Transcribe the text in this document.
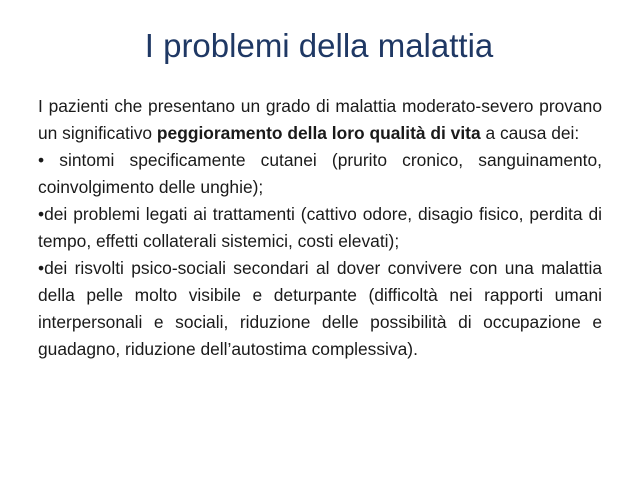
I problemi della malattia

I pazienti che presentano un grado di malattia moderato-severo provano un significativo peggioramento della loro qualità di vita a causa dei:

• sintomi specificamente cutanei (prurito cronico, sanguinamento, coinvolgimento delle unghie);

•dei problemi legati ai trattamenti (cattivo odore, disagio fisico, perdita di tempo, effetti collaterali sistemici, costi elevati);

•dei risvolti psico-sociali secondari al dover convivere con una malattia della pelle molto visibile e deturpante (difficoltà nei rapporti umani interpersonali e sociali, riduzione delle possibilità di occupazione e guadagno, riduzione dell’autostima complessiva).
